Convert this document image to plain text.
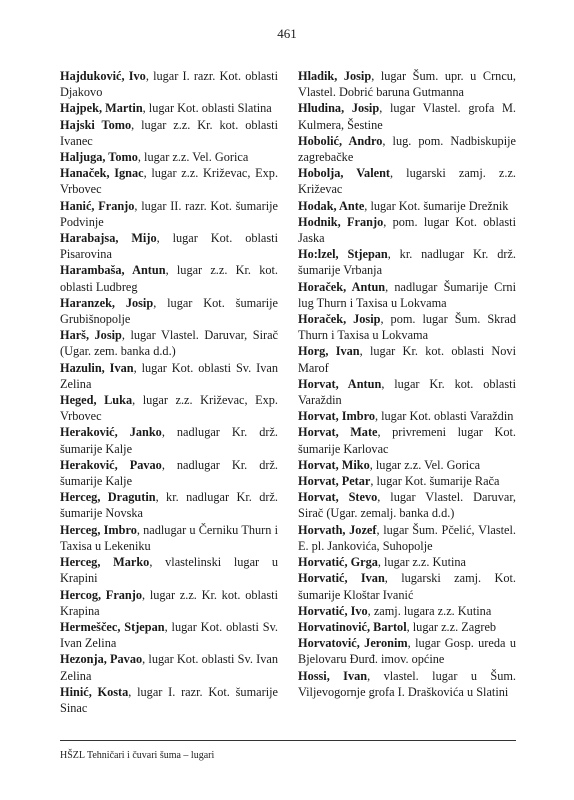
461
Hajduković, Ivo, lugar I. razr. Kot. oblasti Djakovo
Hajpek, Martin, lugar Kot. oblasti Slatina
Hajski Tomo, lugar z.z. Kr. kot. oblasti Ivanec
Haljuga, Tomo, lugar z.z. Vel. Gorica
Hanaček, Ignac, lugar z.z. Križevac, Exp. Vrbovec
Hanić, Franjo, lugar II. razr. Kot. šumarije Podvinje
Harabajsa, Mijo, lugar Kot. oblasti Pisarovina
Harambaša, Antun, lugar z.z. Kr. kot. oblasti Ludbreg
Haranzek, Josip, lugar Kot. šumarije Grubišnopolje
Harš, Josip, lugar Vlastel. Daruvar, Sirač (Ugar. zem. banka d.d.)
Hazulin, Ivan, lugar Kot. oblasti Sv. Ivan Zelina
Heged, Luka, lugar z.z. Križevac, Exp. Vrbovec
Heraković, Janko, nadlugar Kr. drž. šumarije Kalje
Heraković, Pavao, nadlugar Kr. drž. šumarije Kalje
Herceg, Dragutin, kr. nadlugar Kr. drž. šumarije Novska
Herceg, Imbro, nadlugar u Černiku Thurn i Taxisa u Lekeniku
Herceg, Marko, vlastelinski lugar u Krapini
Hercog, Franjo, lugar z.z. Kr. kot. oblasti Krapina
Hermeščec, Stjepan, lugar Kot. oblasti Sv. Ivan Zelina
Hezonja, Pavao, lugar Kot. oblasti Sv. Ivan Zelina
Hinić, Kosta, lugar I. razr. Kot. šumarije Sinac
Hladik, Josip, lugar Šum. upr. u Crncu, Vlastel. Dobrić baruna Gutmanna
Hludina, Josip, lugar Vlastel. grofa M. Kulmera, Šestine
Hobolić, Andro, lug. pom. Nadbiskupije zagrebačke
Hobolja, Valent, lugarski zamj. z.z. Križevac
Hodak, Ante, lugar Kot. šumarije Drežnik
Hodnik, Franjo, pom. lugar Kot. oblasti Jaska
Ho:lzel, Stjepan, kr. nadlugar Kr. drž. šumarije Vrbanja
Horaček, Antun, nadlugar Šumarije Crni lug Thurn i Taxisa u Lokvama
Horaček, Josip, pom. lugar Šum. Skrad Thurn i Taxisa u Lokvama
Horg, Ivan, lugar Kr. kot. oblasti Novi Marof
Horvat, Antun, lugar Kr. kot. oblasti Varaždin
Horvat, Imbro, lugar Kot. oblasti Varaždin
Horvat, Mate, privremeni lugar Kot. šumarije Karlovac
Horvat, Miko, lugar z.z. Vel. Gorica
Horvat, Petar, lugar Kot. šumarije Rača
Horvat, Stevo, lugar Vlastel. Daruvar, Sirač (Ugar. zemalj. banka d.d.)
Horvath, Jozef, lugar Šum. Pčelić, Vlastel. E. pl. Jankovića, Suhopolje
Horvatić, Grga, lugar z.z. Kutina
Horvatić, Ivan, lugarski zamj. Kot. šumarije Kloštar Ivanić
Horvatić, Ivo, zamj. lugara z.z. Kutina
Horvatinović, Bartol, lugar z.z. Zagreb
Horvatović, Jeronim, lugar Gosp. ureda u Bjelovaru Đurđ. imov. općine
Hossi, Ivan, vlastel. lugar u Šum. Viljevogornje grofa I. Draškovića u Slatini
HŠZL Tehničari i čuvari šuma – lugari
